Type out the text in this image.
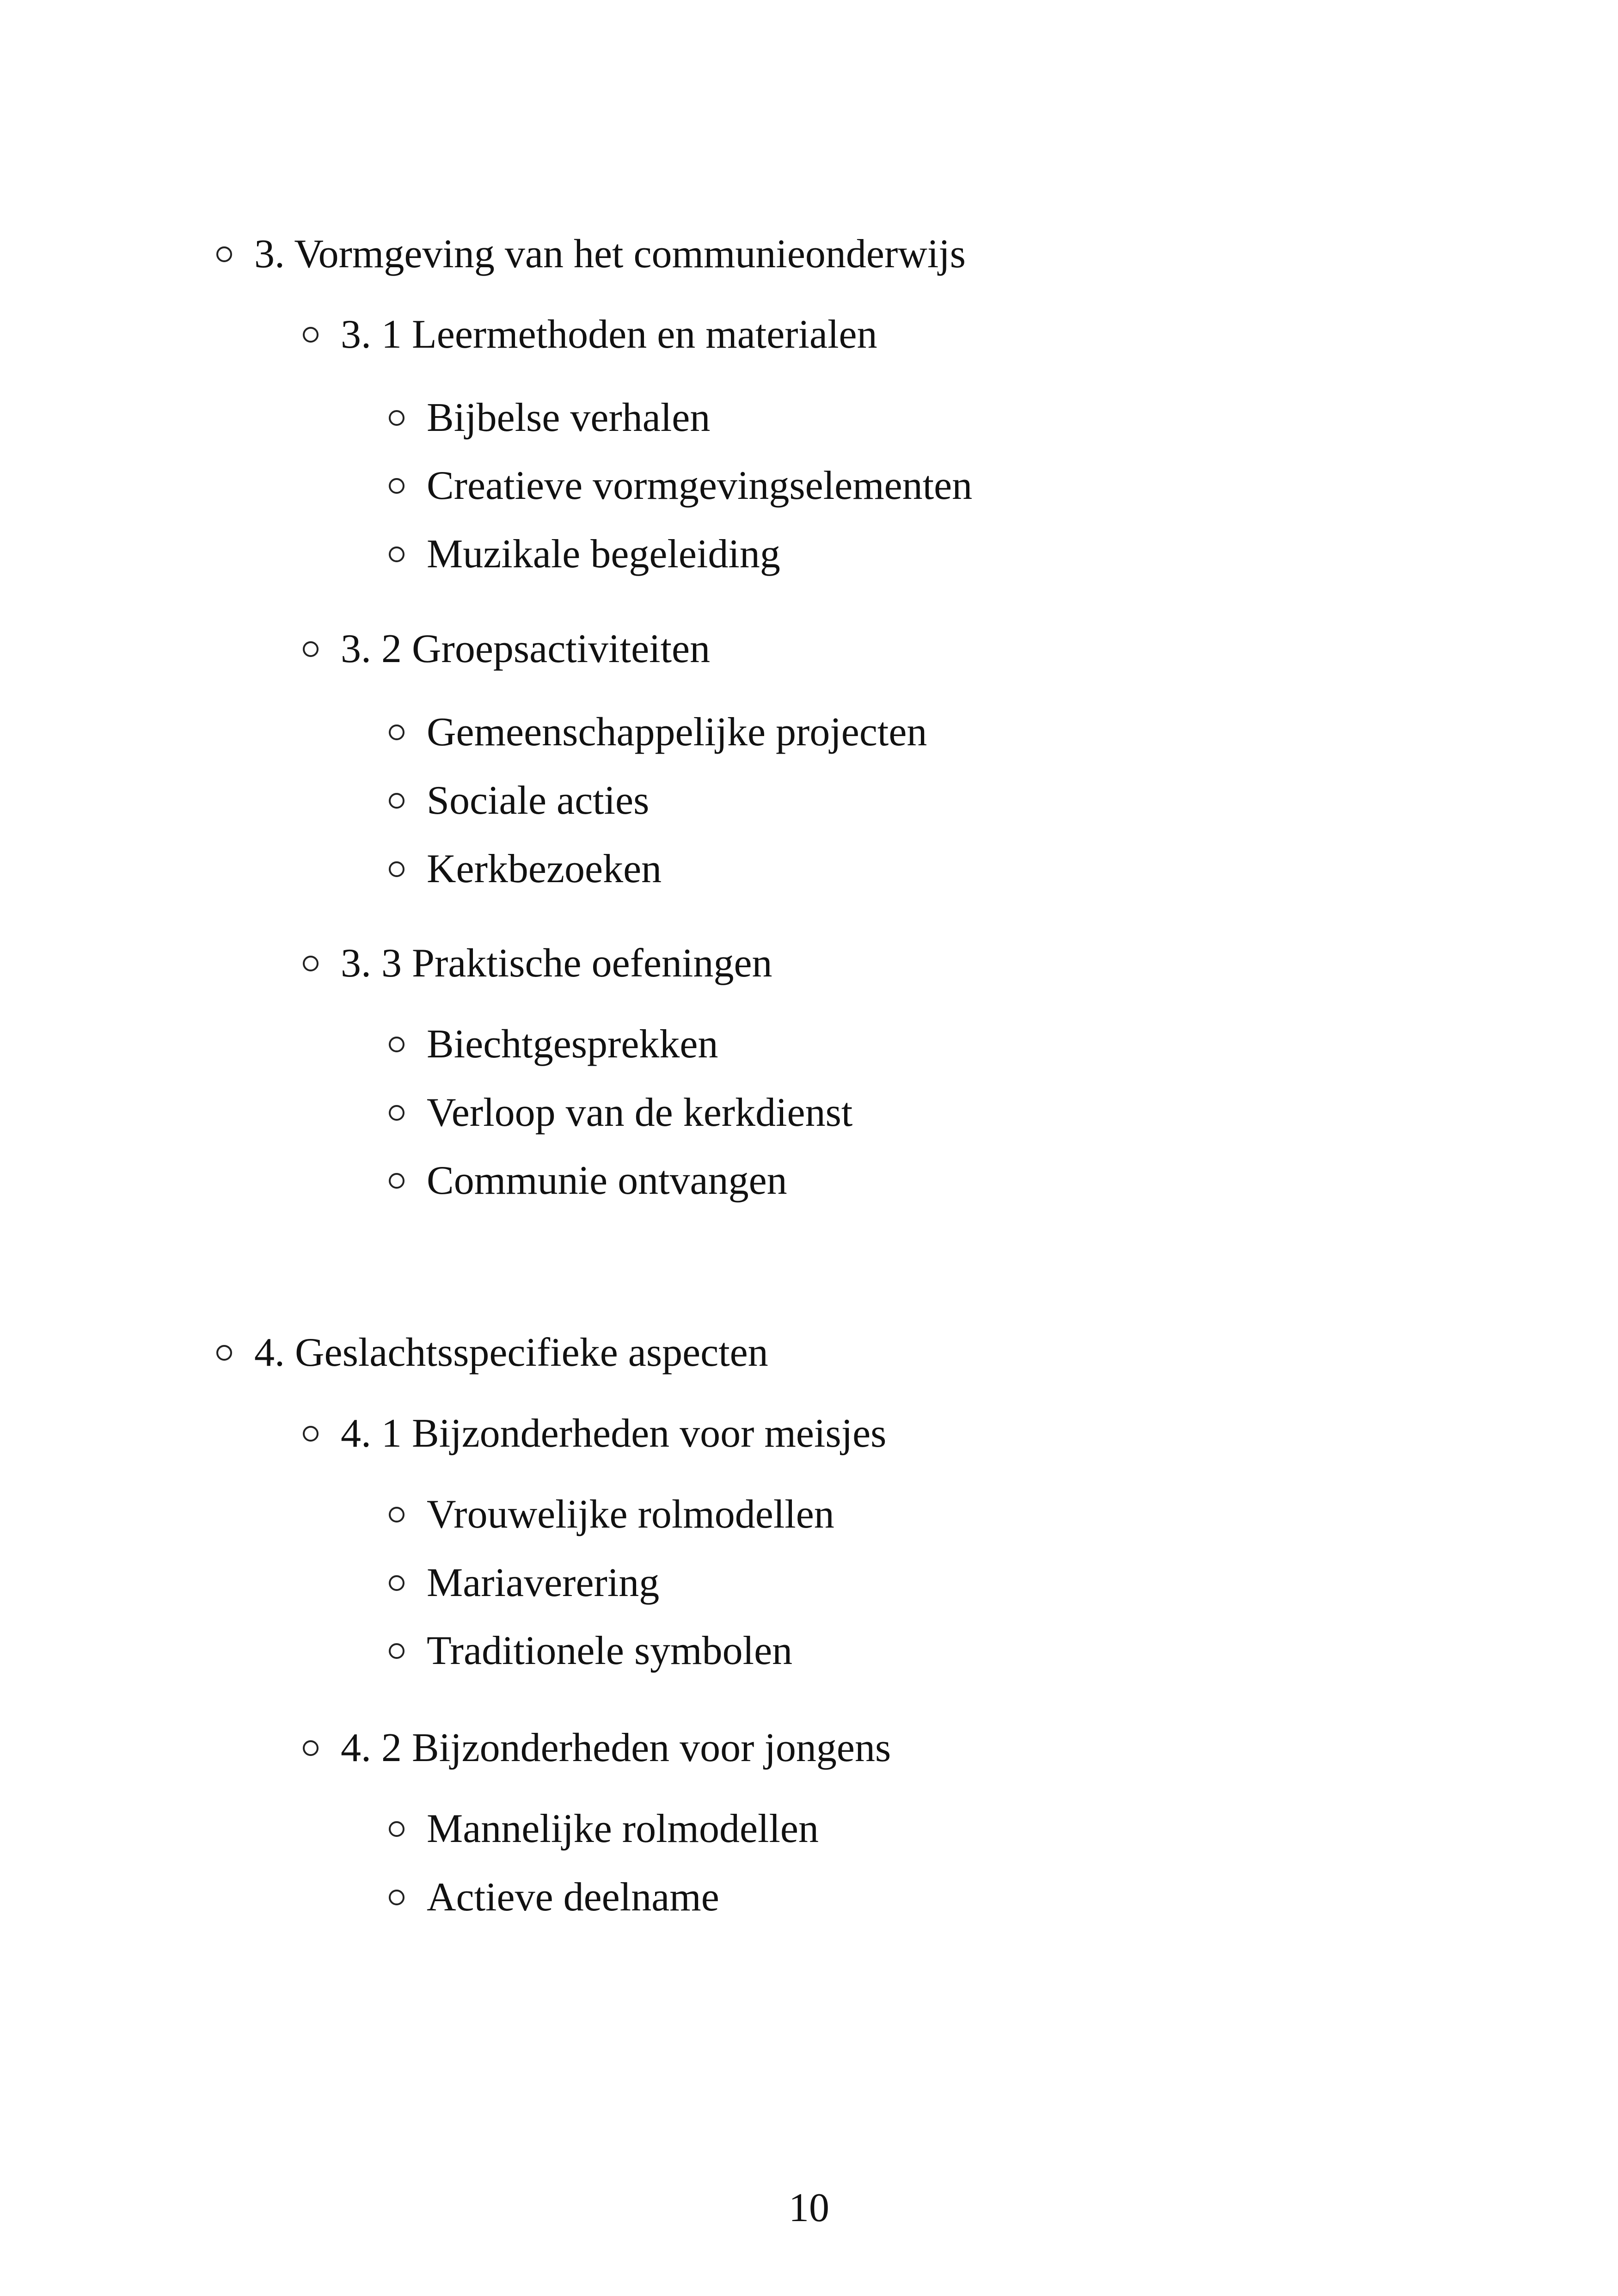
3. Vormgeving van het communieonderwijs
3. 1 Leermethoden en materialen
Bijbelse verhalen
Creatieve vormgevingselementen
Muzikale begeleiding
3. 2 Groepsactiviteiten
Gemeenschappelijke projecten
Sociale acties
Kerkbezoeken
3. 3 Praktische oefeningen
Biechtgesprekken
Verloop van de kerkdienst
Communie ontvangen
4. Geslachtsspecifieke aspecten
4. 1 Bijzonderheden voor meisjes
Vrouwelijke rolmodellen
Mariaverering
Traditionele symbolen
4. 2 Bijzonderheden voor jongens
Mannelijke rolmodellen
Actieve deelname
10
